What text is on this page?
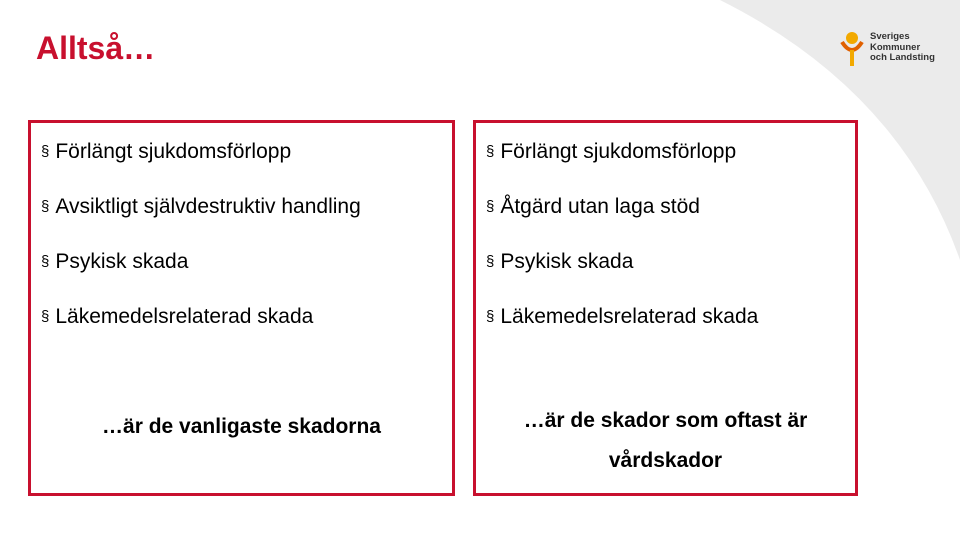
Alltså…	Sveriges
Kommuner
och Landsting
§ Förlängt sjukdomsförlopp
§ Avsiktligt självdestruktiv handling
§ Psykisk skada
§ Läkemedelsrelaterad skada
…är de vanligaste skadorna
§ Förlängt sjukdomsförlopp
§ Åtgärd utan laga stöd
§ Psykisk skada
§ Läkemedelsrelaterad skada
…är de skador som oftast är vårdskador
